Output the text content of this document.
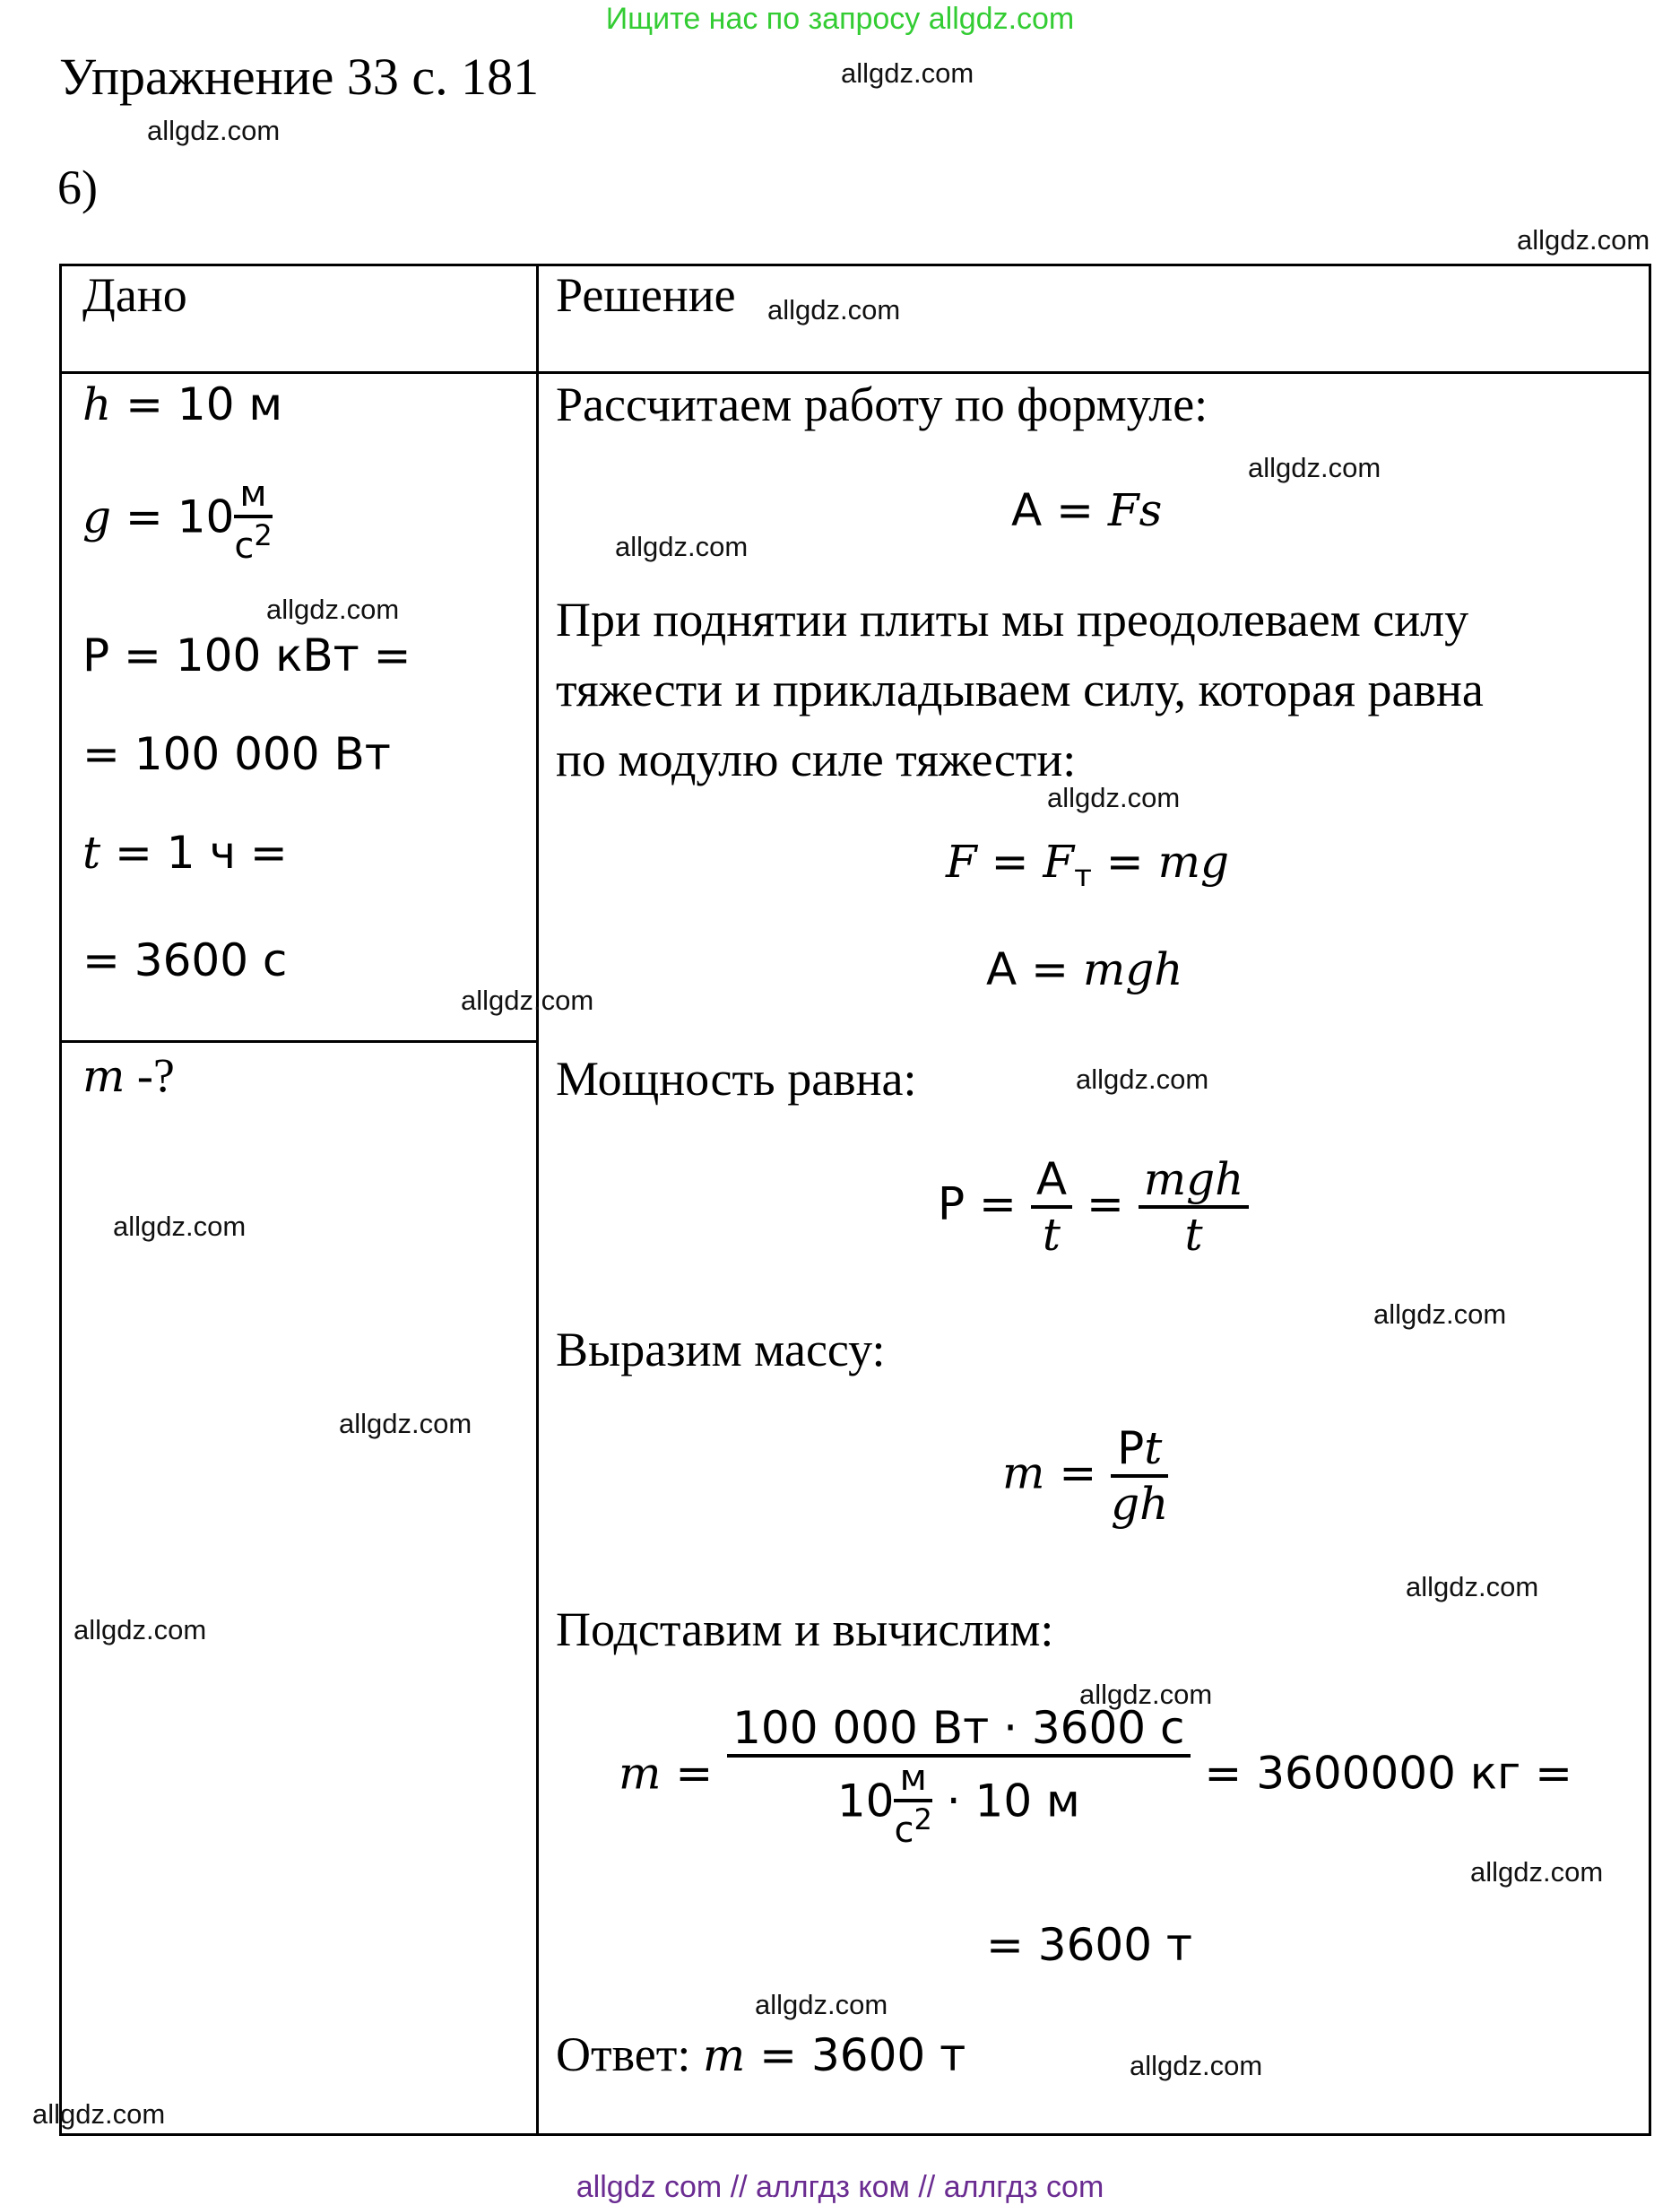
Ищите нас по запросу allgdz.com
Упражнение 33 с. 181
6)
Дано	Решение
h = 10 м
$g = 10 \frac{м}{с^2}$
P = 100 кВт =
= 100 000 Вт
t = 1 ч =
= 3600 с
m -?
Рассчитаем работу по формуле:
A = Fs
При поднятии плиты мы преодолеваем силу
тяжести и прикладываем силу, которая равна
по модулю силе тяжести:
$F = F_т$ = mg
A = mgh
Мощность равна:
$P = \frac{A}{t} = \frac{\text{mgh}}{t}$
Выразим массу:
$m = \frac{Pt}{gh}$
Подставим и вычислим:
$m = \frac{100 000 Вт \cdot 3600 с}{10 \frac{м}{с^2} \cdot 10 м} = 3600000$ кг =
= 3600 т
Ответ: m = 3600 т
allgdz.com
allgdz.com
allgdz.com
allgdz.com
allgdz.com
allgdz.com
allgdz.com
allgdz.com
allgdz.com
allgdz.com
allgdz.com
allgdz.com
allgdz.com
allgdz.com
allgdz.com
allgdz.com
allgdz.com
allgdz.com
allgdz.com
allgdz.com
allgdz com // аллгдз ком // аллгдз com
